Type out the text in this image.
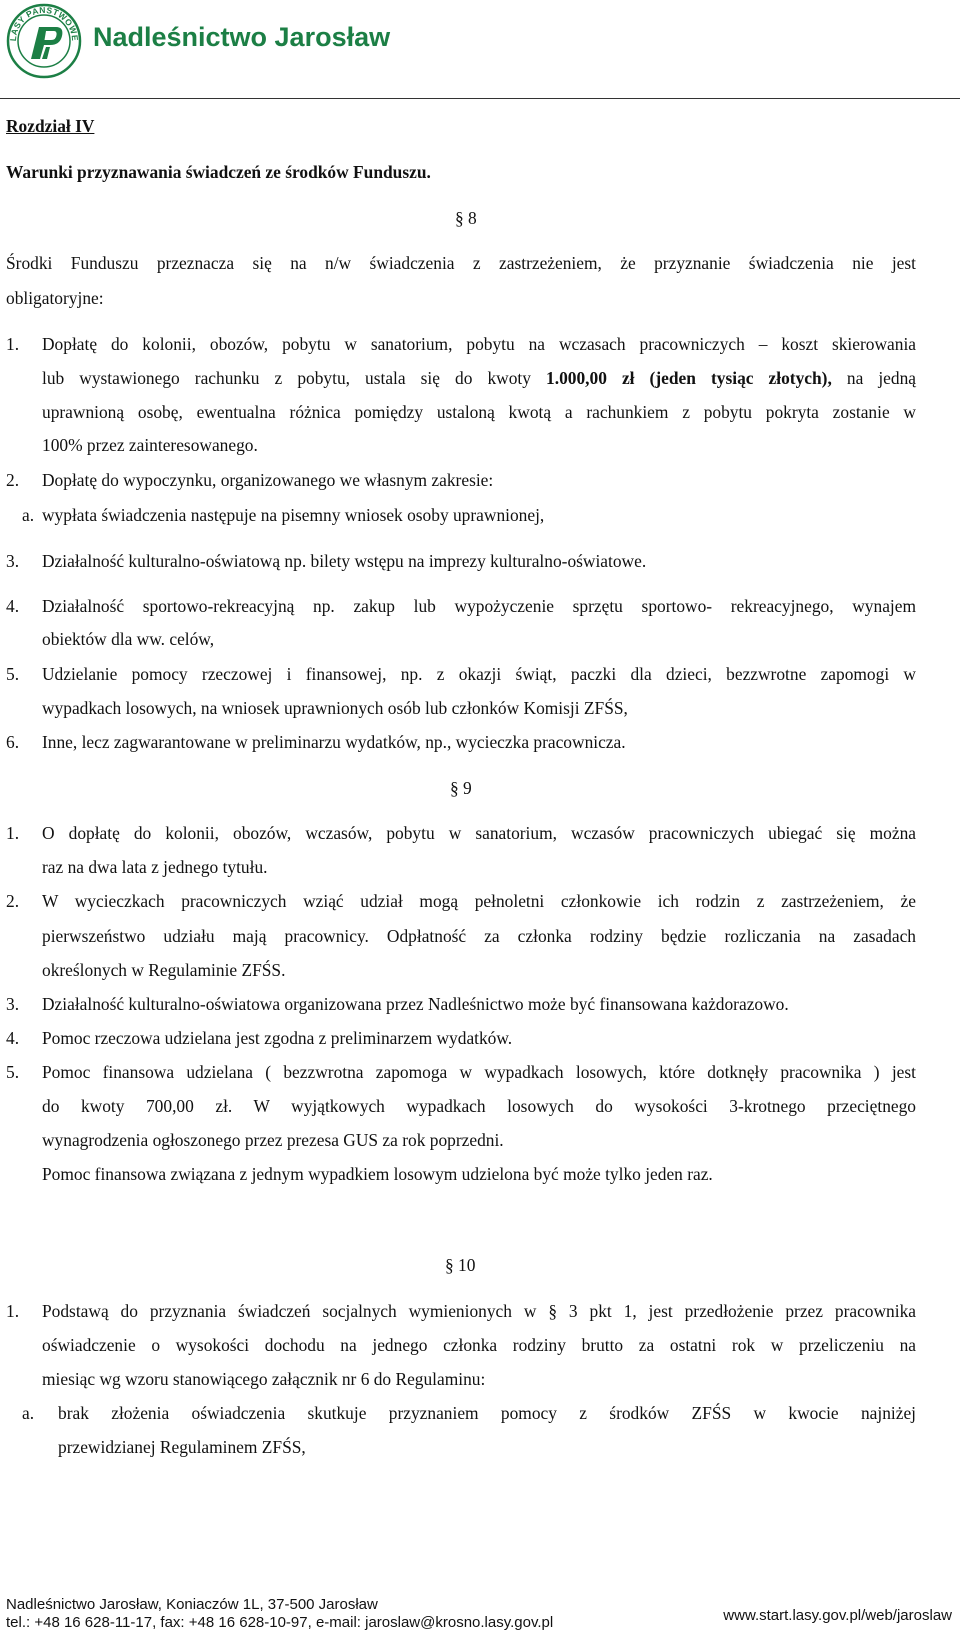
LASY PAŃSTWOWE Nadleśnictwo Jarosław
Rozdział IV
Warunki przyznawania świadczeń ze środków Funduszu.
§ 8
Środki Funduszu przeznacza się na n/w świadczenia z zastrzeżeniem, że przyznanie świadczenia nie jest
obligatoryjne:
1. Dopłatę do kolonii, obozów, pobytu w sanatorium, pobytu na wczasach pracowniczych – koszt skierowania
lub wystawionego rachunku z pobytu, ustala się do kwoty 1.000,00 zł (jeden tysiąc złotych), na jedną
uprawnioną osobę, ewentualna różnica pomiędzy ustaloną kwotą a rachunkiem z pobytu pokryta zostanie w
100% przez zainteresowanego.
2. Dopłatę do wypoczynku, organizowanego we własnym zakresie:
a. wypłata świadczenia następuje na pisemny wniosek osoby uprawnionej,
3. Działalność kulturalno-oświatową np. bilety wstępu na imprezy kulturalno-oświatowe.
4. Działalność sportowo-rekreacyjną np. zakup lub wypożyczenie sprzętu sportowo- rekreacyjnego, wynajem
obiektów dla ww. celów,
5. Udzielanie pomocy rzeczowej i finansowej, np. z okazji świąt, paczki dla dzieci, bezzwrotne zapomogi w
wypadkach losowych, na wniosek uprawnionych osób lub członków Komisji ZFŚS,
6. Inne, lecz zagwarantowane w preliminarzu wydatków, np., wycieczka pracownicza.
§ 9
1. O dopłatę do kolonii, obozów, wczasów, pobytu w sanatorium, wczasów pracowniczych ubiegać się można
raz na dwa lata z jednego tytułu.
2. W wycieczkach pracowniczych wziąć udział mogą pełnoletni członkowie ich rodzin z zastrzeżeniem, że
pierwszeństwo udziału mają pracownicy. Odpłatność za członka rodziny będzie rozliczania na zasadach
określonych w Regulaminie ZFŚS.
3. Działalność kulturalno-oświatowa organizowana przez Nadleśnictwo może być finansowana każdorazowo.
4. Pomoc rzeczowa udzielana jest zgodna z preliminarzem wydatków.
5. Pomoc finansowa udzielana ( bezzwrotna zapomoga w wypadkach losowych, które dotknęły pracownika ) jest
do kwoty 700,00 zł. W wyjątkowych wypadkach losowych do wysokości 3-krotnego przeciętnego
wynagrodzenia ogłoszonego przez prezesa GUS za rok poprzedni.
Pomoc finansowa związana z jednym wypadkiem losowym udzielona być może tylko jeden raz.
§ 10
1. Podstawą do przyznania świadczeń socjalnych wymienionych w § 3 pkt 1, jest przedłożenie przez pracownika
oświadczenie o wysokości dochodu na jednego członka rodziny brutto za ostatni rok w przeliczeniu na
miesiąc wg wzoru stanowiącego załącznik nr 6 do Regulaminu:
a. brak złożenia oświadczenia skutkuje przyznaniem pomocy z środków ZFŚS w kwocie najniżej
przewidzianej Regulaminem ZFŚS,
Nadleśnictwo Jarosław, Koniaczów 1L, 37-500 Jarosław
tel.: +48 16 628-11-17, fax: +48 16 628-10-97, e-mail: jaroslaw@krosno.lasy.gov.pl	www.start.lasy.gov.pl/web/jaroslaw
